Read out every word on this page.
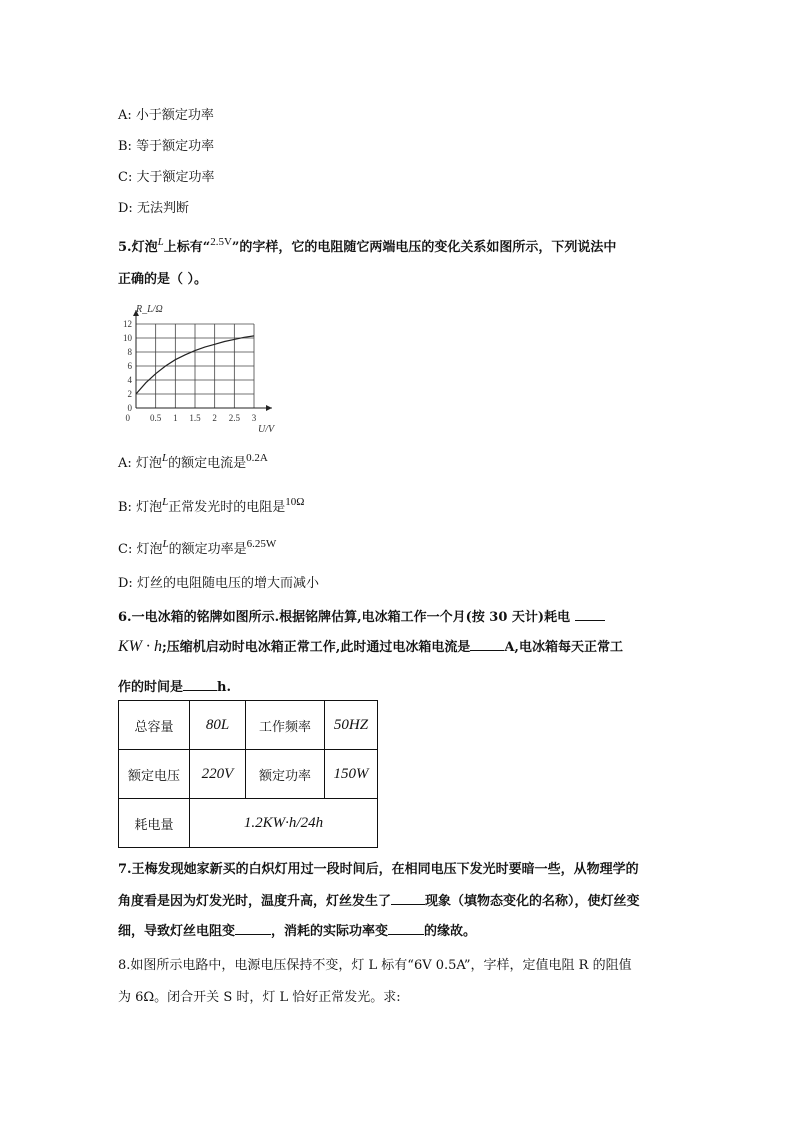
A: 小于额定功率
B: 等于额定功率
C: 大于额定功率
D: 无法判断
5.灯泡$^L$上标有“$^{2.5V}$”的字样，它的电阻随它两端电压的变化关系如图所示，下列说法中
正确的是（ ）。
0.5 1 1.5 2 2.5 3
0
2
4
6
8
10
12
0
R_L/Ω
U/V
A: 灯泡$^L$的额定电流是$^{0.2A}$
B: 灯泡$^L$正常发光时的电阻是$^{10\Omega}$
C: 灯泡$^L$的额定功率是$^{6.25W}$
D: 灯丝的电阻随电压的增大而减小
6.一电冰箱的铭牌如图所示.根据铭牌估算,电冰箱工作一个月(按 30 天计)耗电
KW · h;压缩机启动时电冰箱正常工作,此时通过电冰箱电流是	A,电冰箱每天正常工
作的时间是	h.
总容量	80L	工作频率	50HZ
额定电压	220V	额定功率	150W
耗电量	1.2KW·h/24h		
7.王梅发现她家新买的白炽灯用过一段时间后，在相同电压下发光时要暗一些，从物理学的
角度看是因为灯发光时，温度升高，灯丝发生了	现象（填物态变化的名称），使灯丝变
细，导致灯丝电阻变	，消耗的实际功率变	的缘故。
8.如图所示电路中，电源电压保持不变，灯 L 标有“6V 0.5A”，字样，定值电阻 R 的阻值
为 6Ω。闭合开关 S 时，灯 L 恰好正常发光。求:
